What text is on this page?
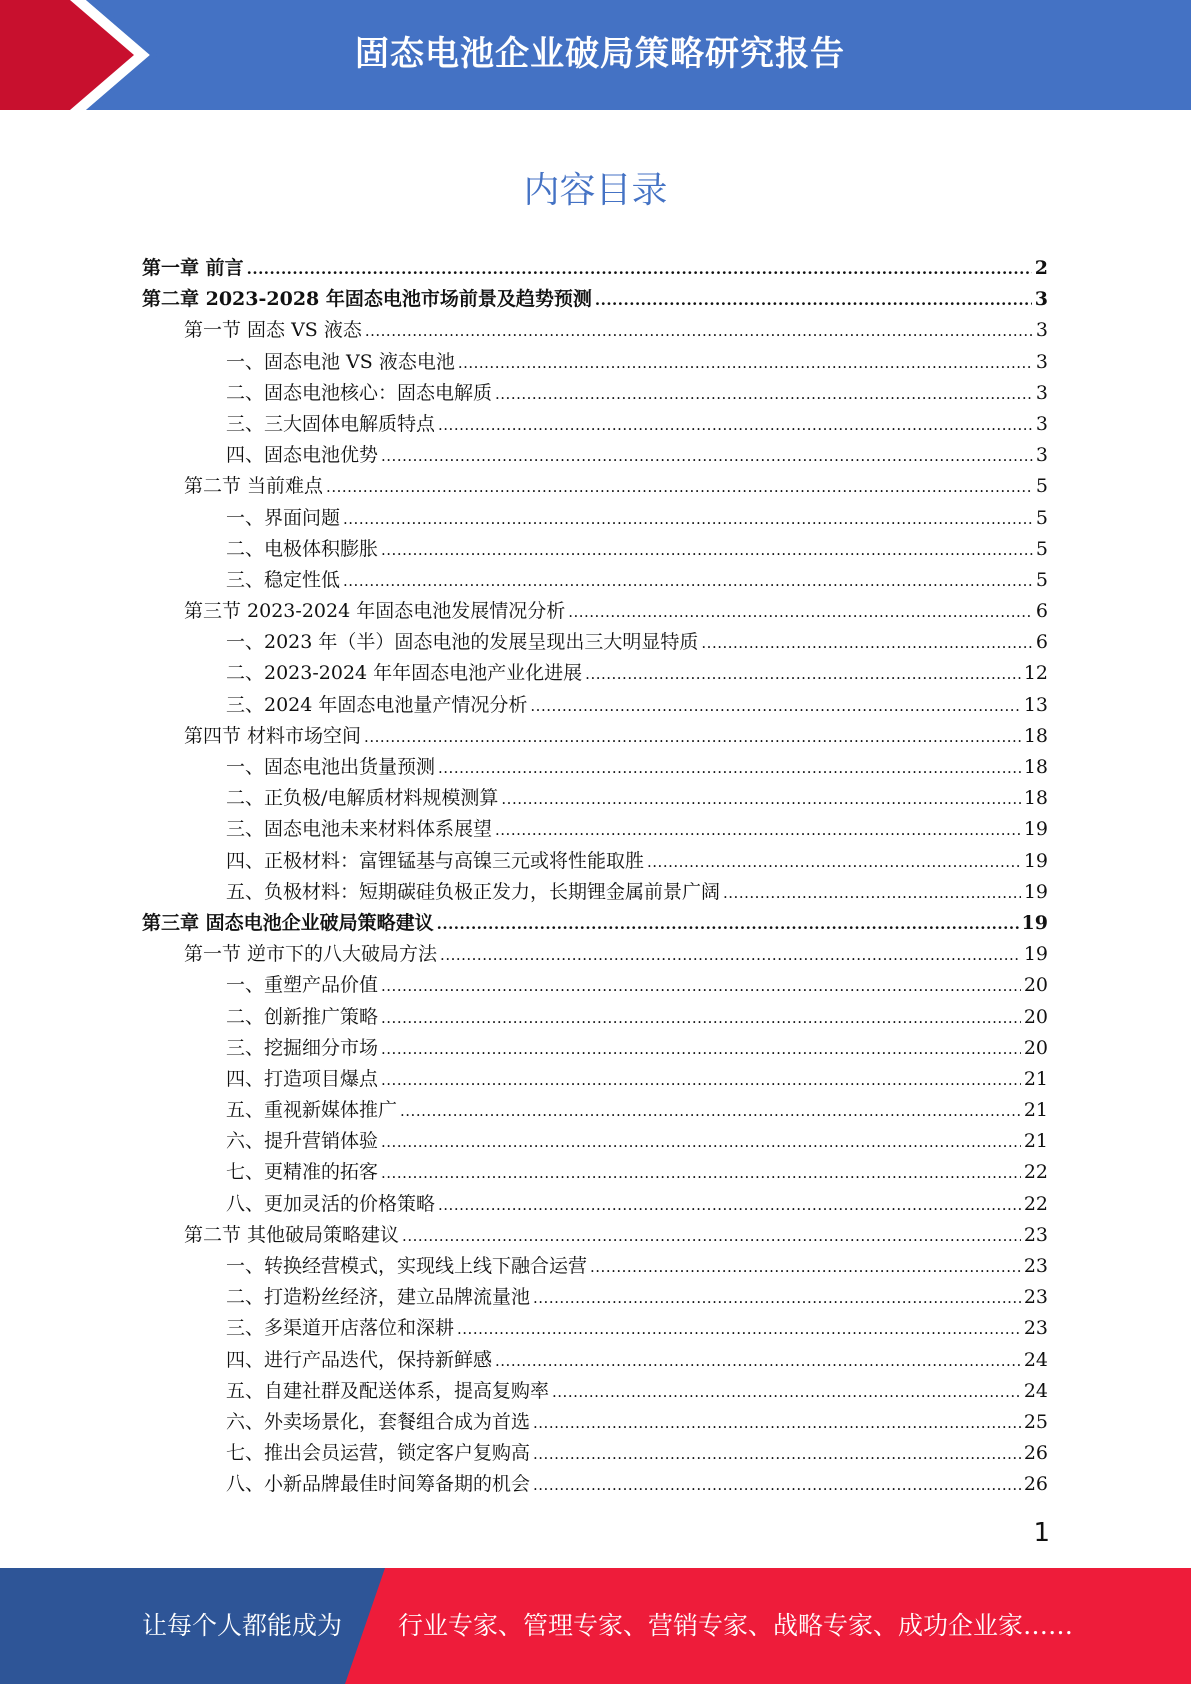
固态电池企业破局策略研究报告
内容目录
第一章 前言 .....	2
第二章 2023-2028 年固态电池市场前景及趋势预测 .....	3
第一节 固态 VS 液态 .....	3
一、固态电池 VS 液态电池 .....	3
二、固态电池核心：固态电解质 .....	3
三、三大固体电解质特点 .....	3
四、固态电池优势 .....	3
第二节 当前难点 .....	5
一、界面问题 .....	5
二、电极体积膨胀 .....	5
三、稳定性低 .....	5
第三节 2023-2024 年固态电池发展情况分析 .....	6
一、2023 年（半）固态电池的发展呈现出三大明显特质 .....	6
二、2023-2024 年年固态电池产业化进展 .....	12
三、2024 年固态电池量产情况分析 .....	13
第四节 材料市场空间 .....	18
一、固态电池出货量预测 .....	18
二、正负极/电解质材料规模测算 .....	18
三、固态电池未来材料体系展望 .....	19
四、正极材料：富锂锰基与高镍三元或将性能取胜 .....	19
五、负极材料：短期碳硅负极正发力，长期锂金属前景广阔 .....	19
第三章 固态电池企业破局策略建议 .....	19
第一节 逆市下的八大破局方法 .....	19
一、重塑产品价值 .....	20
二、创新推广策略 .....	20
三、挖掘细分市场 .....	20
四、打造项目爆点 .....	21
五、重视新媒体推广 .....	21
六、提升营销体验 .....	21
七、更精准的拓客 .....	22
八、更加灵活的价格策略 .....	22
第二节 其他破局策略建议 .....	23
一、转换经营模式，实现线上线下融合运营 .....	23
二、打造粉丝经济，建立品牌流量池 .....	23
三、多渠道开店落位和深耕 .....	23
四、进行产品迭代，保持新鲜感 .....	24
五、自建社群及配送体系，提高复购率 .....	24
六、外卖场景化，套餐组合成为首选 .....	25
七、推出会员运营，锁定客户复购高 .....	26
八、小新品牌最佳时间筹备期的机会 .....	26
1
让每个人都能成为 行业专家、管理专家、营销专家、战略专家、成功企业家……
